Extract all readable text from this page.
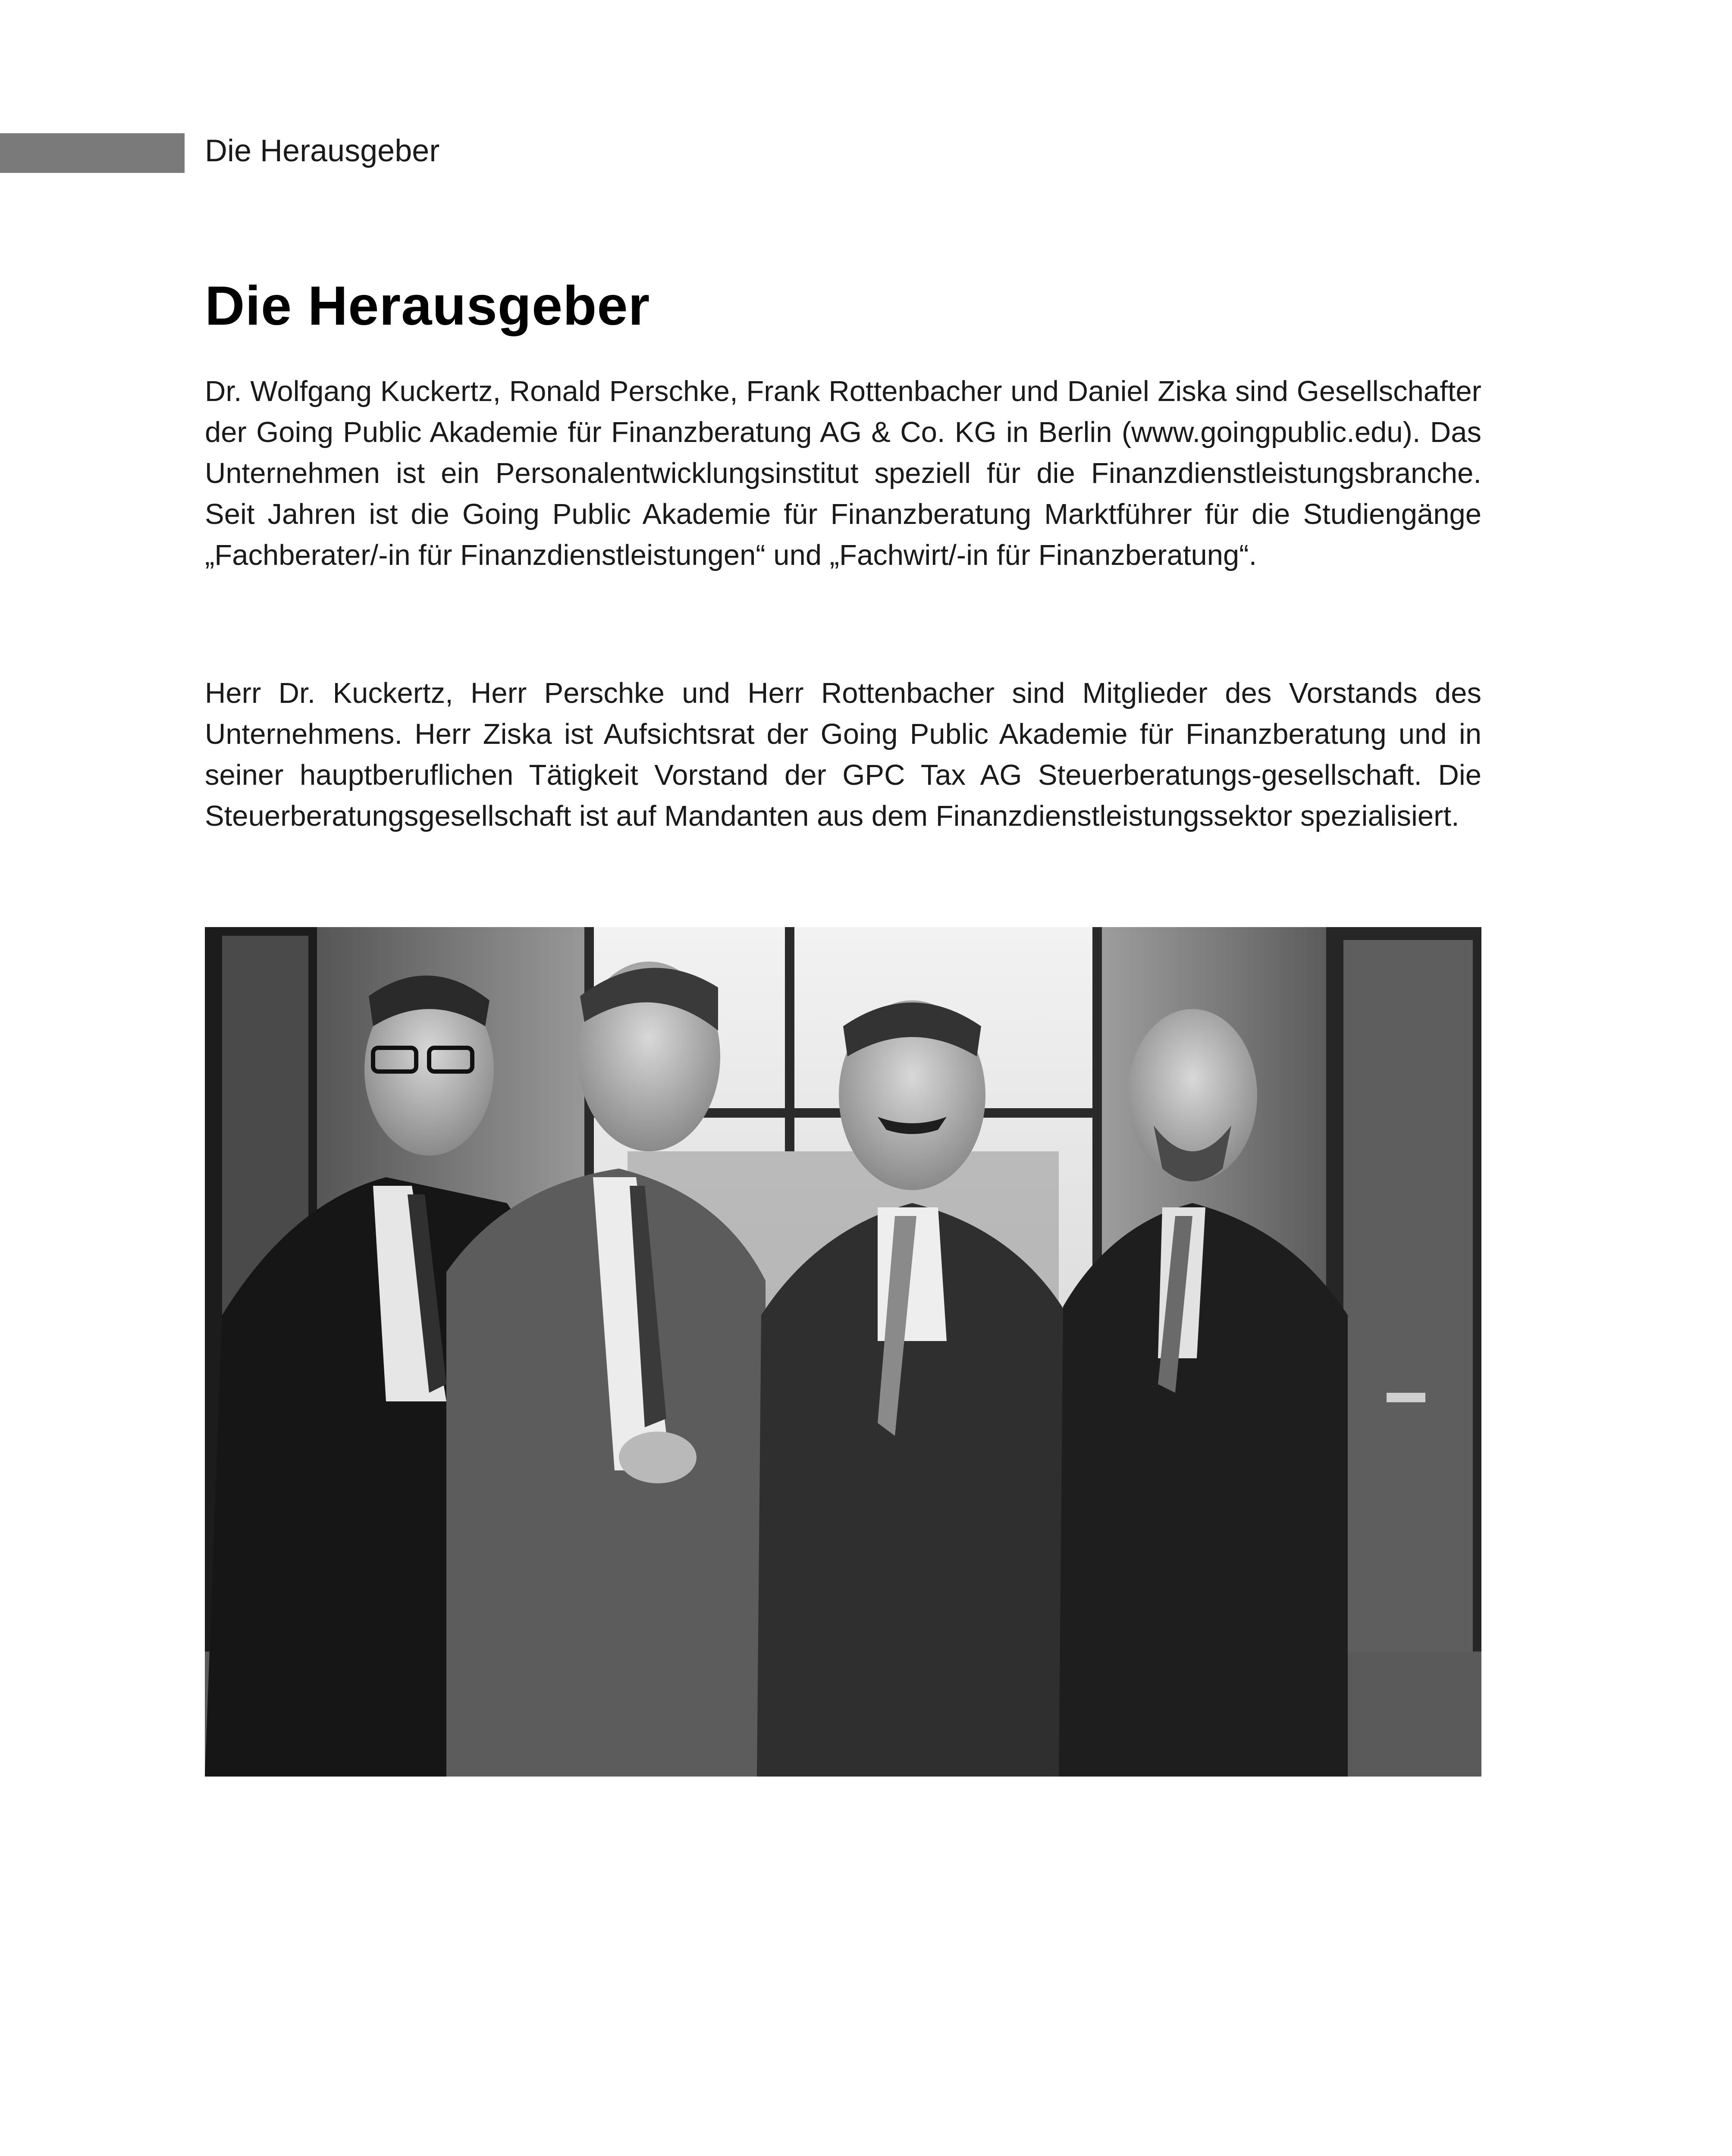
Die Herausgeber
Die Herausgeber

Dr. Wolfgang Kuckertz, Ronald Perschke, Frank Rottenbacher und Daniel Ziska sind Gesellschafter der Going Public Akademie für Finanzberatung AG & Co. KG in Berlin (www.goingpublic.edu). Das Unternehmen ist ein Personalentwicklungsinstitut speziell für die Finanzdienstleistungsbranche. Seit Jahren ist die Going Public Akademie für Finanzberatung Marktführer für die Studiengänge „Fachberater/-in für Finanzdienstleistungen“ und „Fachwirt/-in für Finanzberatung“.

Herr Dr. Kuckertz, Herr Perschke und Herr Rottenbacher sind Mitglieder des Vorstands des Unternehmens. Herr Ziska ist Aufsichtsrat der Going Public Akademie für Finanzberatung und in seiner hauptberuflichen Tätigkeit Vorstand der GPC Tax AG Steuerberatungs-gesellschaft. Die Steuerberatungsgesellschaft ist auf Mandanten aus dem Finanzdienstleistungssektor spezialisiert.
